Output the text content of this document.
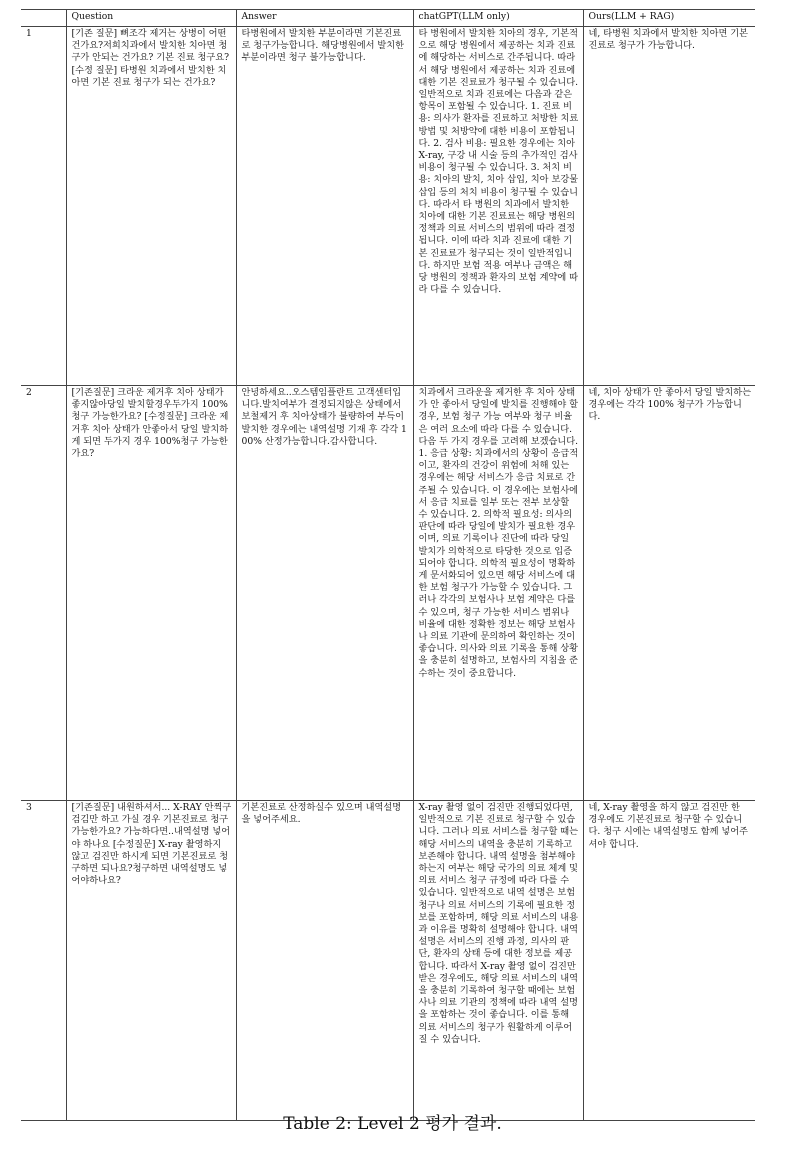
	Question	Answer	chatGPT(LLM only)	Ours(LLM + RAG)
1	[기존 질문] 뼈조각 제거는 상병이 어떤건가요?저희치과에서 발치한 치아면 청구가 안되는 건가요? 기본 진료 청구요? [수정 질문] 타병원 치과에서 발치한 치아면 기본 진료 청구가 되는 건가요?	타병원에서 발치한 부분이라면 기본진료로 청구가능합니다. 해당병원에서 발치한 부분이라면 청구 불가능합니다.	타 병원에서 발치한 치아의 경우, 기본적으로 해당 병원에서 제공하는 치과 진료에 해당하는 서비스로 간주됩니다. 따라서 해당 병원에서 제공하는 치과 진료에 대한 기본 진료료가 청구될 수 있습니다. 일반적으로 치과 진료에는 다음과 같은 항목이 포함될 수 있습니다. 1. 진료 비용: 의사가 환자를 진료하고 처방한 치료 방법 및 처방약에 대한 비용이 포함됩니다. 2. 검사 비용: 필요한 경우에는 치아 X-ray, 구강 내 시술 등의 추가적인 검사 비용이 청구될 수 있습니다. 3. 처치 비용: 치아의 발치, 치아 삽입, 치아 보강물 삽입 등의 처치 비용이 청구될 수 있습니다. 따라서 타 병원의 치과에서 발치한 치아에 대한 기본 진료료는 해당 병원의 정책과 의료 서비스의 범위에 따라 결정됩니다. 이에 따라 치과 진료에 대한 기본 진료료가 청구되는 것이 일반적입니다. 하지만 보험 적용 여부나 금액은 해당 병원의 정책과 환자의 보험 계약에 따라 다를 수 있습니다.	네, 타병원 치과에서 발치한 치아면 기본 진료로 청구가 가능합니다.
2	[기존질문] 크라운 제거후 치아 상태가 좋지않아당일 발치할경우두가지 100% 청구 가능한가요? [수정질문] 크라운 제거후 치아 상태가 안좋아서 당일 발치하게 되면 두가지 경우 100%청구 가능한가요?	안녕하세요..오스템임플란트 고객센터입니다.발치여부가 결정되지않은 상태에서 보철제거 후 치아상태가 불량하여 부득이 발치한 경우에는 내역설명 기재 후 각각 100% 산정가능합니다.감사합니다.	치과에서 크라운을 제거한 후 치아 상태가 안 좋아서 당일에 발치를 진행해야 할 경우, 보험 청구 가능 여부와 청구 비율은 여러 요소에 따라 다를 수 있습니다. 다음 두 가지 경우를 고려해 보겠습니다. 1. 응급 상황: 치과에서의 상황이 응급적이고, 환자의 건강이 위험에 처해 있는 경우에는 해당 서비스가 응급 치료로 간주될 수 있습니다. 이 경우에는 보험사에서 응급 치료를 일부 또는 전부 보상할 수 있습니다. 2. 의학적 필요성: 의사의 판단에 따라 당일에 발치가 필요한 경우이며, 의료 기록이나 진단에 따라 당일 발치가 의학적으로 타당한 것으로 입증되어야 합니다. 의학적 필요성이 명확하게 문서화되어 있으면 해당 서비스에 대한 보험 청구가 가능할 수 있습니다. 그러나 각각의 보험사나 보험 계약은 다를 수 있으며, 청구 가능한 서비스 범위나 비율에 대한 정확한 정보는 해당 보험사나 의료 기관에 문의하여 확인하는 것이 좋습니다. 의사와 의료 기록을 통해 상황을 충분히 설명하고, 보험사의 지침을 준수하는 것이 중요합니다.	네, 치아 상태가 안 좋아서 당일 발치하는 경우에는 각각 100% 청구가 가능합니다.
3	[기존질문] 내원하셔서... X-RAY 안찍구 검김만 하고 가실 경우 기본진료로 청구 가능한가요? 가능하다면..내역설명 넣어야 하나요 [수정질문] X-ray 촬영하지 않고 검진만 하시게 되면 기본진료로 청구하면 되나요?청구하면 내역설명도 넣어야하나요?	기본진료로 산정하실수 있으며 내역설명을 넣어주세요.	X-ray 촬영 없이 검진만 진행되었다면, 일반적으로 기본 진료로 청구할 수 있습니다. 그러나 의료 서비스를 청구할 때는 해당 서비스의 내역을 충분히 기록하고 보존해야 합니다. 내역 설명을 첨부해야 하는지 여부는 해당 국가의 의료 체계 및 의료 서비스 청구 규정에 따라 다를 수 있습니다. 일반적으로 내역 설명은 보험 청구나 의료 서비스의 기록에 필요한 정보를 포함하며, 해당 의료 서비스의 내용과 이유를 명확히 설명해야 합니다. 내역 설명은 서비스의 진행 과정, 의사의 판단, 환자의 상태 등에 대한 정보를 제공합니다. 따라서 X-ray 촬영 없이 검진만 받은 경우에도, 해당 의료 서비스의 내역을 충분히 기록하여 청구할 때에는 보험사나 의료 기관의 정책에 따라 내역 설명을 포함하는 것이 좋습니다. 이를 통해 의료 서비스의 청구가 원활하게 이루어질 수 있습니다.	네, X-ray 촬영을 하지 않고 검진만 한 경우에도 기본진료로 청구할 수 있습니다. 청구 시에는 내역설명도 함께 넣어주셔야 합니다.
Table 2: Level 2 평가 결과.
